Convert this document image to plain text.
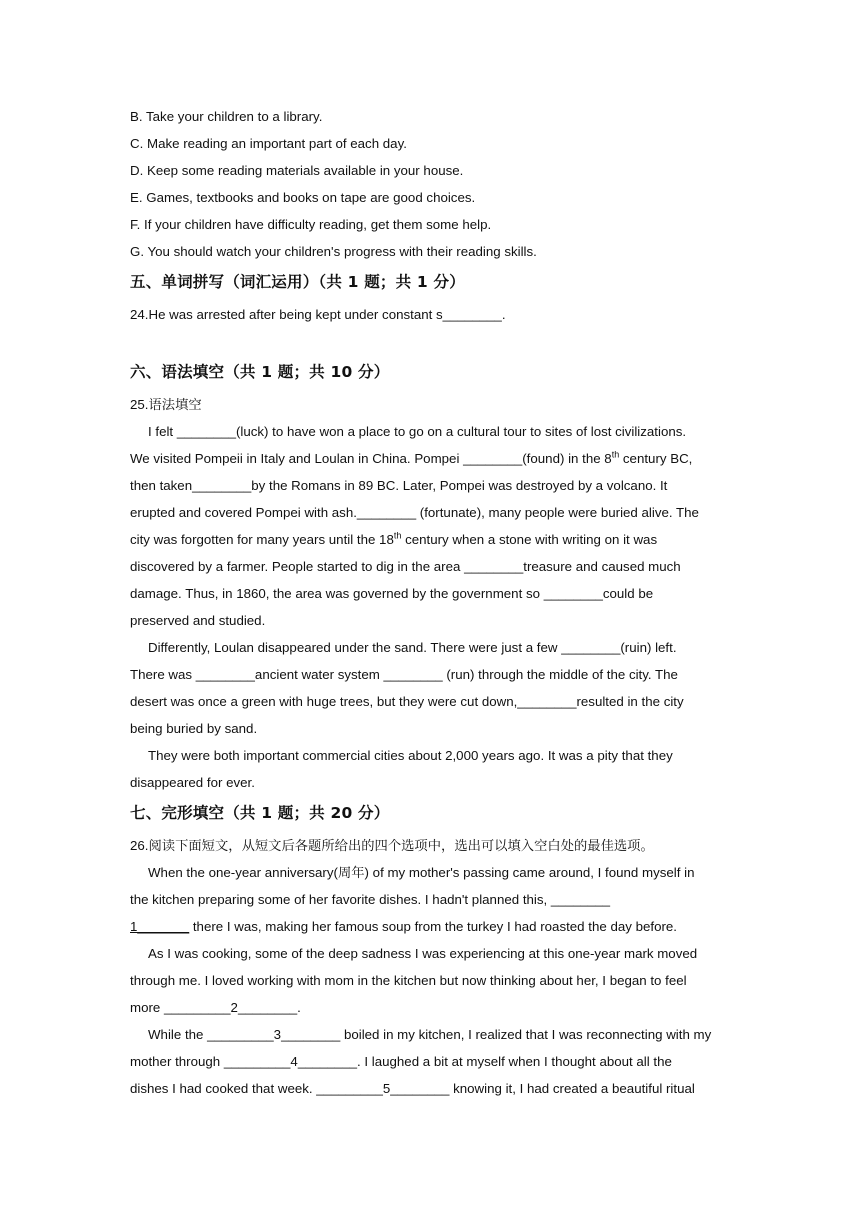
B. Take your children to a library.
C. Make reading an important part of each day.
D. Keep some reading materials available in your house.
E. Games, textbooks and books on tape are good choices.
F. If your children have difficulty reading, get them some help.
G. You should watch your children's progress with their reading skills.
五、单词拼写（词汇运用）（共 1 题；共 1 分）
24.He was arrested after being kept under constant s________.
六、语法填空（共 1 题；共 10 分）
25.语法填空
I felt ________(luck) to have won a place to go on a cultural tour to sites of lost civilizations.
We visited Pompeii in Italy and Loulan in China. Pompei ________(found) in the 8th century BC,
then taken________by the Romans in 89 BC. Later, Pompei was destroyed by a volcano. It
erupted and covered Pompei with ash.________ (fortunate), many people were buried alive. The
city was forgotten for many years until the 18th century when a stone with writing on it was
discovered by a farmer. People started to dig in the area ________treasure and caused much
damage. Thus, in 1860, the area was governed by the government so ________could be
preserved and studied.
Differently, Loulan disappeared under the sand. There were just a few ________(ruin) left.
There was ________ancient water system ________ (run) through the middle of the city. The
desert was once a green with huge trees, but they were cut down,________resulted in the city
being buried by sand.
They were both important commercial cities about 2,000 years ago. It was a pity that they
disappeared for ever.
七、完形填空（共 1 题；共 20 分）
26.阅读下面短文，从短文后各题所给出的四个选项中，选出可以填入空白处的最佳选项。
When the one-year anniversary(周年) of my mother's passing came around, I found myself in
the kitchen preparing some of her favorite dishes. I hadn't planned this, ________
1_______ there I was, making her famous soup from the turkey I had roasted the day before.
As I was cooking, some of the deep sadness I was experiencing at this one-year mark moved
through me. I loved working with mom in the kitchen but now thinking about her, I began to feel
more _________2________.
While the _________3________ boiled in my kitchen, I realized that I was reconnecting with my
mother through _________4________. I laughed a bit at myself when I thought about all the
dishes I had cooked that week. _________5________ knowing it, I had created a beautiful ritual
